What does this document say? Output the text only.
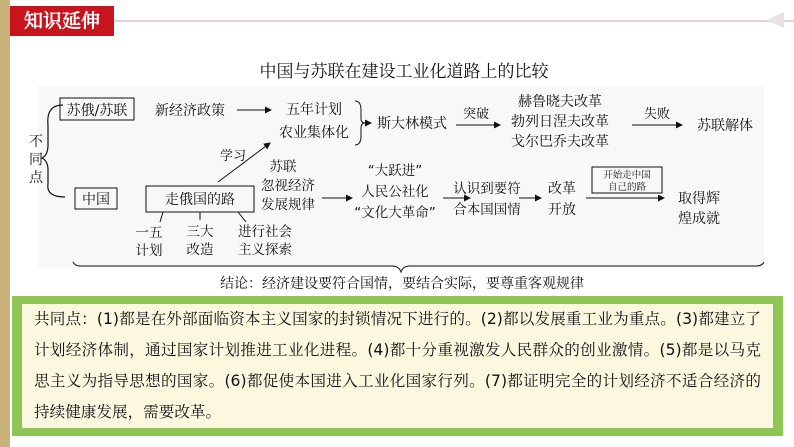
知识延伸
中国与苏联在建设工业化道路上的比较
不
同
点
苏俄/苏联 新经济政策	五年计划
农业集体化
斯大林模式
突破
赫鲁晓夫改革
勃列日涅夫改革
戈尔巴乔夫改革
失败
苏联解体
学习
中国	走俄国的路
苏联
忽视经济
发展规律
“大跃进”
人民公社化
“文化大革命”
认识到要符
合本国国情
改革
开放
开始走中国
自己的路
取得辉
煌成就
一五
计划
三大
改造
进行社会
主义探索
结论：经济建设要符合国情，要结合实际，要尊重客观规律
共同点：(1)都是在外部面临资本主义国家的封锁情况下进行的。(2)都以发展重工业为重点。(3)都建立了计划经济体制，通过国家计划推进工业化进程。(4)都十分重视激发人民群众的创业激情。(5)都是以马克思主义为指导思想的国家。(6)都促使本国进入工业化国家行列。(7)都证明完全的计划经济不适合经济的持续健康发展，需要改革。
